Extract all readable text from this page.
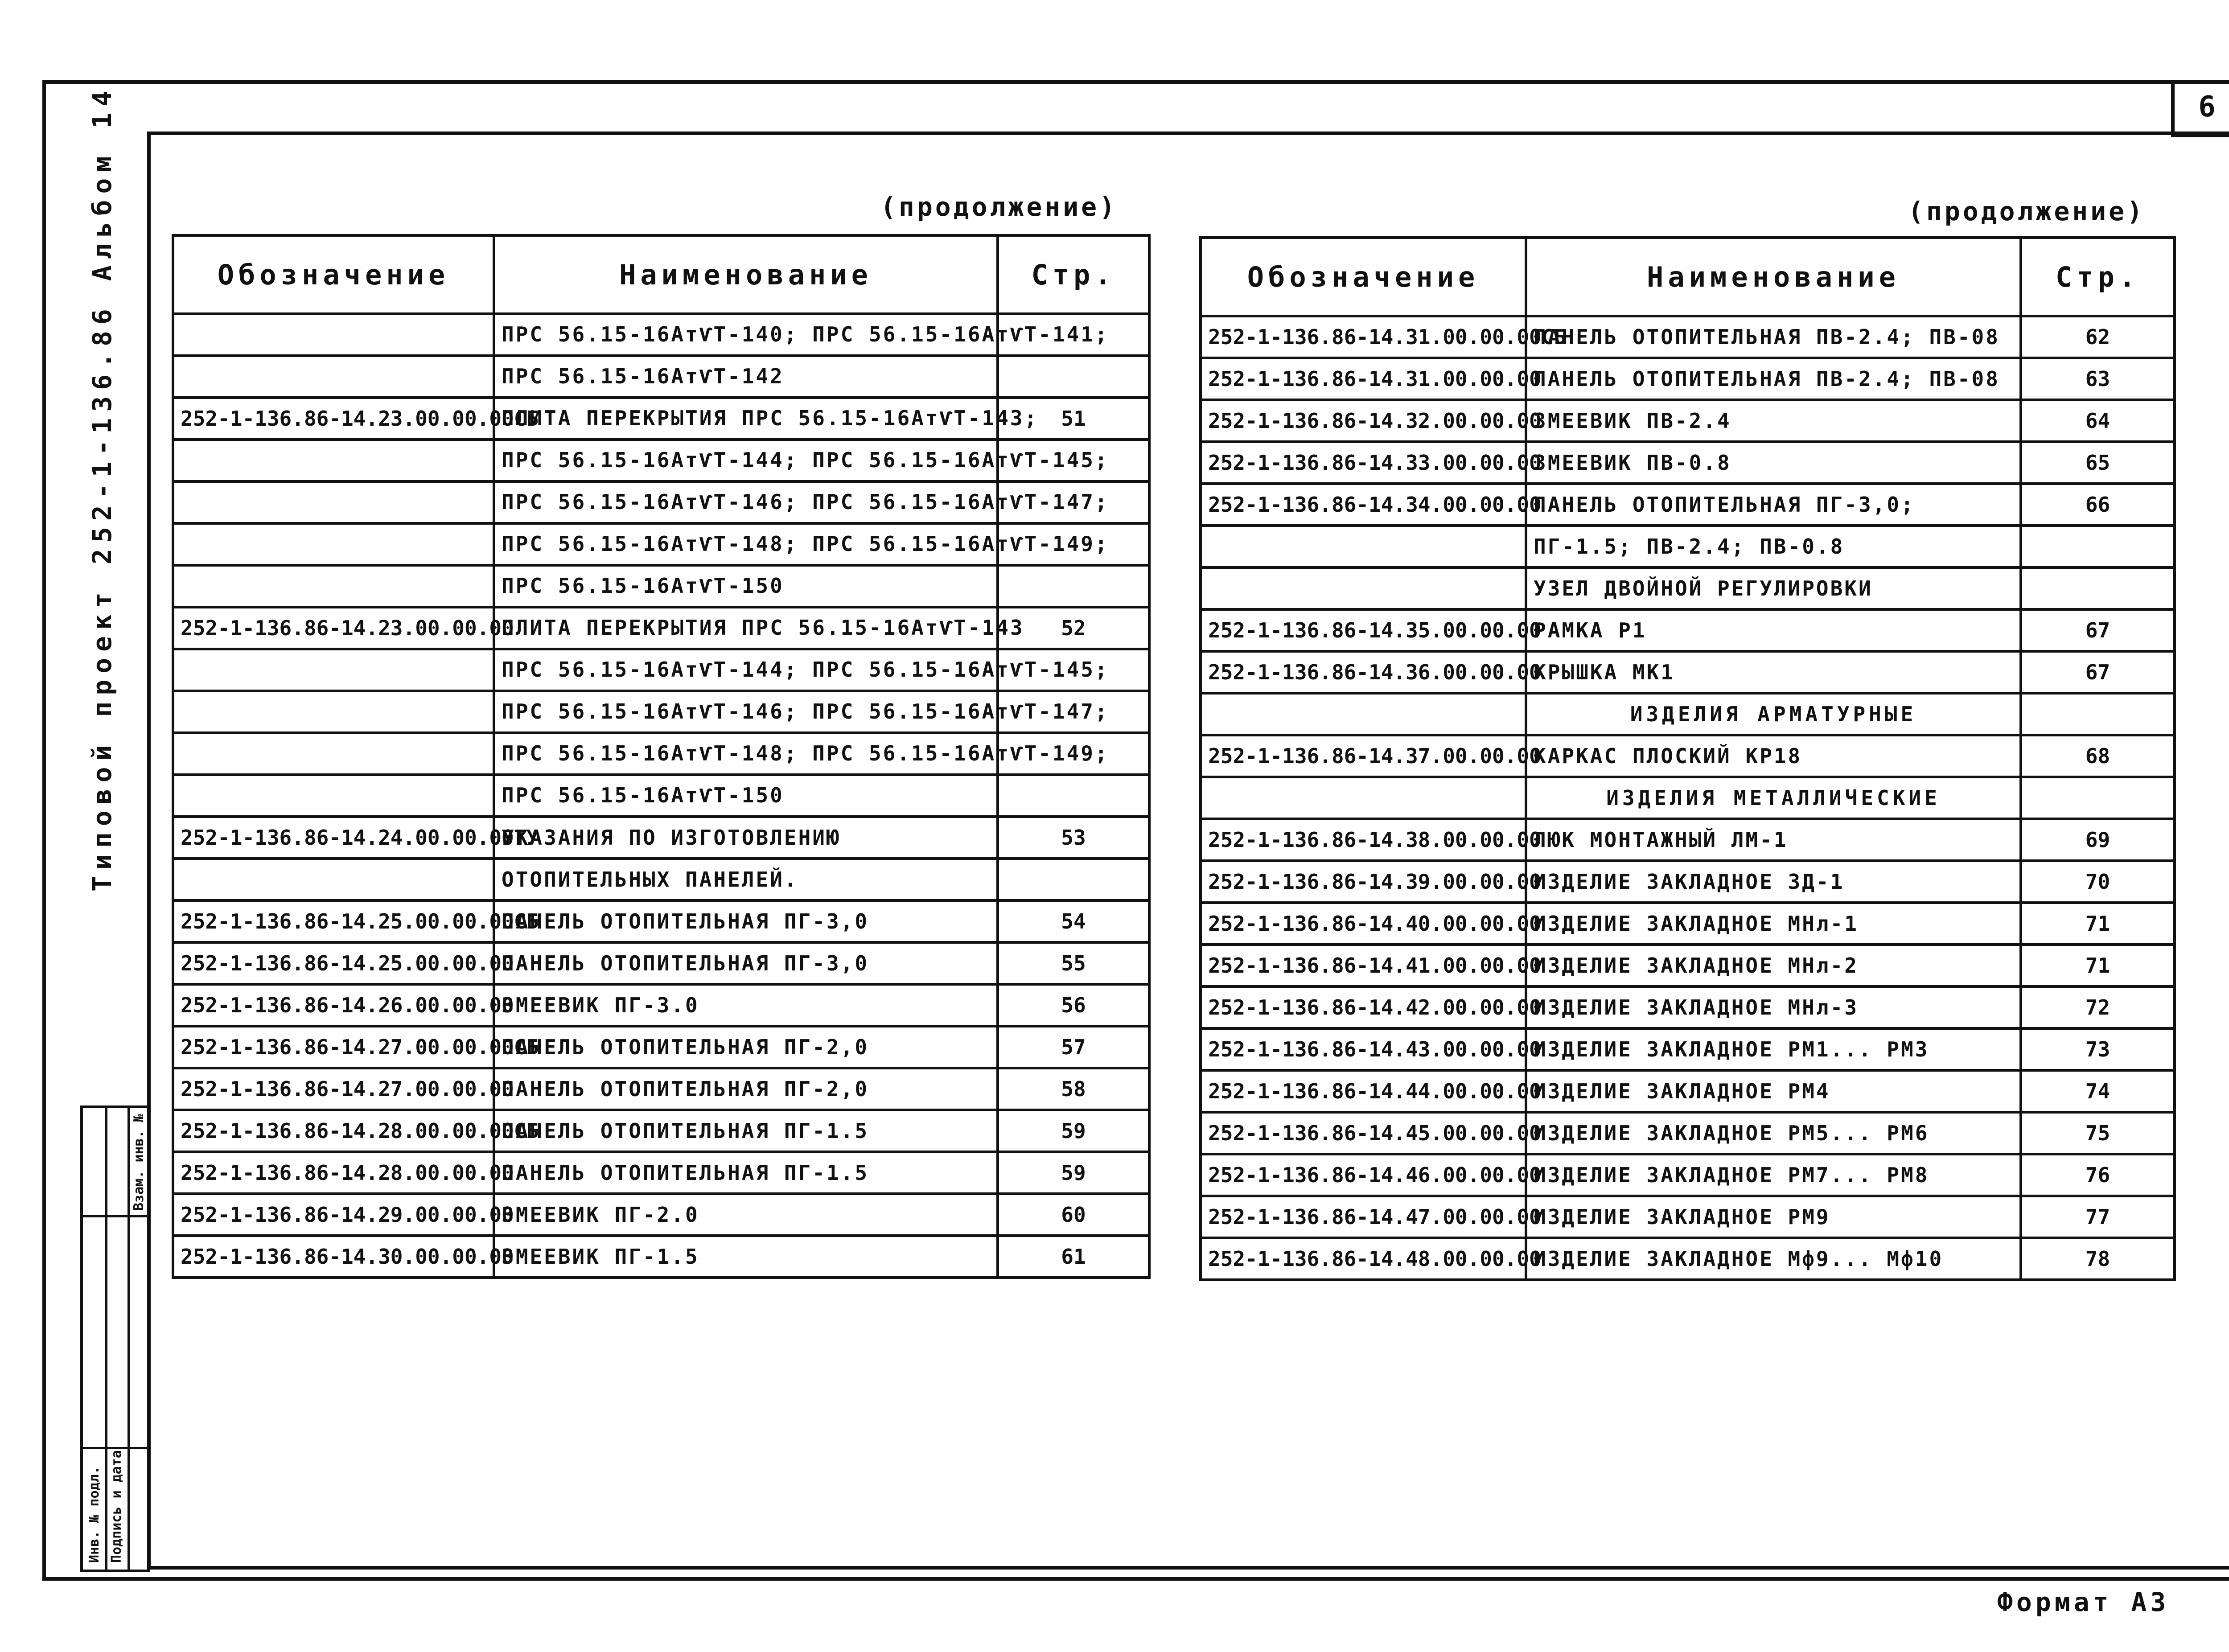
6
Типовой проект 252-1-136.86 Альбом 14
Инв. № подл. Подпись и дата
Взам. инв. №
(продолжение)	(продолжение)
Обозначение	Наименование	Стр.
	ПРС 56.15-16АтѴТ-140; ПРС 56.15-16АтѴТ-141;	
	ПРС 56.15-16АтѴТ-142	
252-1-136.86-14.23.00.00.00СБ	ПЛИТА ПЕРЕКРЫТИЯ ПРС 56.15-16АтѴТ-143;	51
	ПРС 56.15-16АтѴТ-144; ПРС 56.15-16АтѴТ-145;	
	ПРС 56.15-16АтѴТ-146; ПРС 56.15-16АтѴТ-147;	
	ПРС 56.15-16АтѴТ-148; ПРС 56.15-16АтѴТ-149;	
	ПРС 56.15-16АтѴТ-150	
252-1-136.86-14.23.00.00.00	ПЛИТА ПЕРЕКРЫТИЯ ПРС 56.15-16АтѴТ-143	52
	ПРС 56.15-16АтѴТ-144; ПРС 56.15-16АтѴТ-145;	
	ПРС 56.15-16АтѴТ-146; ПРС 56.15-16АтѴТ-147;	
	ПРС 56.15-16АтѴТ-148; ПРС 56.15-16АтѴТ-149;	
	ПРС 56.15-16АтѴТ-150	
252-1-136.86-14.24.00.00.00ТУ	УКАЗАНИЯ ПО ИЗГОТОВЛЕНИЮ	53
	ОТОПИТЕЛЬНЫХ ПАНЕЛЕЙ.	
252-1-136.86-14.25.00.00.00СБ	ПАНЕЛЬ ОТОПИТЕЛЬНАЯ ПГ-3,0	54
252-1-136.86-14.25.00.00.00	ПАНЕЛЬ ОТОПИТЕЛЬНАЯ ПГ-3,0	55
252-1-136.86-14.26.00.00.00	ЗМЕЕВИК ПГ-3.0	56
252-1-136.86-14.27.00.00.00СБ	ПАНЕЛЬ ОТОПИТЕЛЬНАЯ ПГ-2,0	57
252-1-136.86-14.27.00.00.00	ПАНЕЛЬ ОТОПИТЕЛЬНАЯ ПГ-2,0	58
252-1-136.86-14.28.00.00.00СБ	ПАНЕЛЬ ОТОПИТЕЛЬНАЯ ПГ-1.5	59
252-1-136.86-14.28.00.00.00	ПАНЕЛЬ ОТОПИТЕЛЬНАЯ ПГ-1.5	59
252-1-136.86-14.29.00.00.00	ЗМЕЕВИК ПГ-2.0	60
252-1-136.86-14.30.00.00.00	ЗМЕЕВИК ПГ-1.5	61
Обозначение	Наименование	Стр.
252-1-136.86-14.31.00.00.00СБ	ПАНЕЛЬ ОТОПИТЕЛЬНАЯ ПВ-2.4; ПВ-08	62
252-1-136.86-14.31.00.00.00	ПАНЕЛЬ ОТОПИТЕЛЬНАЯ ПВ-2.4; ПВ-08	63
252-1-136.86-14.32.00.00.00	ЗМЕЕВИК ПВ-2.4	64
252-1-136.86-14.33.00.00.00	ЗМЕЕВИК ПВ-0.8	65
252-1-136.86-14.34.00.00.00	ПАНЕЛЬ ОТОПИТЕЛЬНАЯ ПГ-3,0;	66
	ПГ-1.5; ПВ-2.4; ПВ-0.8	
	УЗЕЛ ДВОЙНОЙ РЕГУЛИРОВКИ	
252-1-136.86-14.35.00.00.00	РАМКА Р1	67
252-1-136.86-14.36.00.00.00	КРЫШКА МК1	67
	ИЗДЕЛИЯ АРМАТУРНЫЕ	
252-1-136.86-14.37.00.00.00	КАРКАС ПЛОСКИЙ КР18	68
	ИЗДЕЛИЯ МЕТАЛЛИЧЕСКИЕ	
252-1-136.86-14.38.00.00.00	ЛЮК МОНТАЖНЫЙ ЛМ-1	69
252-1-136.86-14.39.00.00.00	ИЗДЕЛИЕ ЗАКЛАДНОЕ ЗД-1	70
252-1-136.86-14.40.00.00.00	ИЗДЕЛИЕ ЗАКЛАДНОЕ МНл-1	71
252-1-136.86-14.41.00.00.00	ИЗДЕЛИЕ ЗАКЛАДНОЕ МНл-2	71
252-1-136.86-14.42.00.00.00	ИЗДЕЛИЕ ЗАКЛАДНОЕ МНл-3	72
252-1-136.86-14.43.00.00.00	ИЗДЕЛИЕ ЗАКЛАДНОЕ РМ1... РМ3	73
252-1-136.86-14.44.00.00.00	ИЗДЕЛИЕ ЗАКЛАДНОЕ РМ4	74
252-1-136.86-14.45.00.00.00	ИЗДЕЛИЕ ЗАКЛАДНОЕ РМ5... РМ6	75
252-1-136.86-14.46.00.00.00	ИЗДЕЛИЕ ЗАКЛАДНОЕ РМ7... РМ8	76
252-1-136.86-14.47.00.00.00	ИЗДЕЛИЕ ЗАКЛАДНОЕ РМ9	77
252-1-136.86-14.48.00.00.00	ИЗДЕЛИЕ ЗАКЛАДНОЕ Мф9... Мф10	78
Формат А3
